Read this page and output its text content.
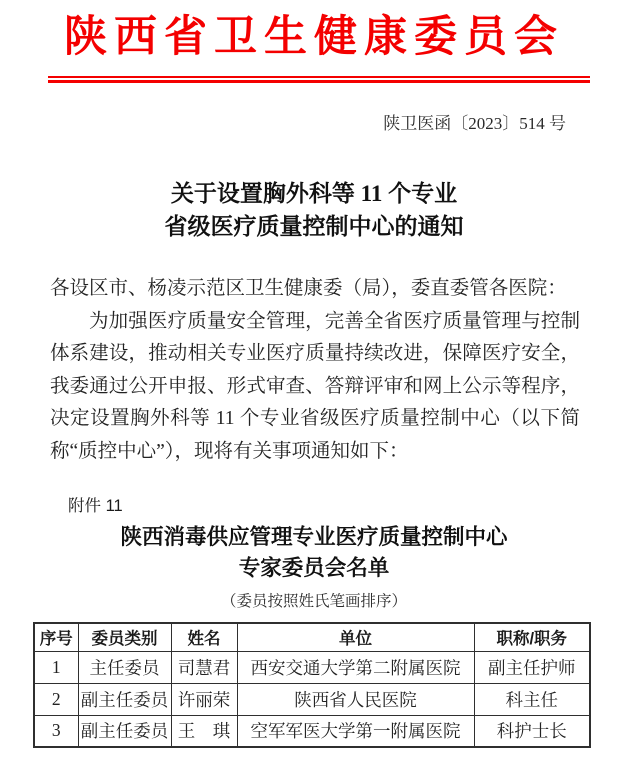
陕西省卫生健康委员会
陕卫医函〔2023〕514 号
关于设置胸外科等 11 个专业
省级医疗质量控制中心的通知
各设区市、杨凌示范区卫生健康委（局），委直委管各医院：
为加强医疗质量安全管理，完善全省医疗质量管理与控制
体系建设，推动相关专业医疗质量持续改进，保障医疗安全，
我委通过公开申报、形式审查、答辩评审和网上公示等程序，
决定设置胸外科等 11 个专业省级医疗质量控制中心（以下简
称“质控中心”），现将有关事项通知如下：
附件 11
陕西消毒供应管理专业医疗质量控制中心
专家委员会名单
（委员按照姓氏笔画排序）
序号	委员类别	姓名	单位	职称/职务
1	主任委员	司慧君	西安交通大学第二附属医院	副主任护师
2	副主任委员	许丽荣	陕西省人民医院	科主任
3	副主任委员	王　琪	空军军医大学第一附属医院	科护士长
